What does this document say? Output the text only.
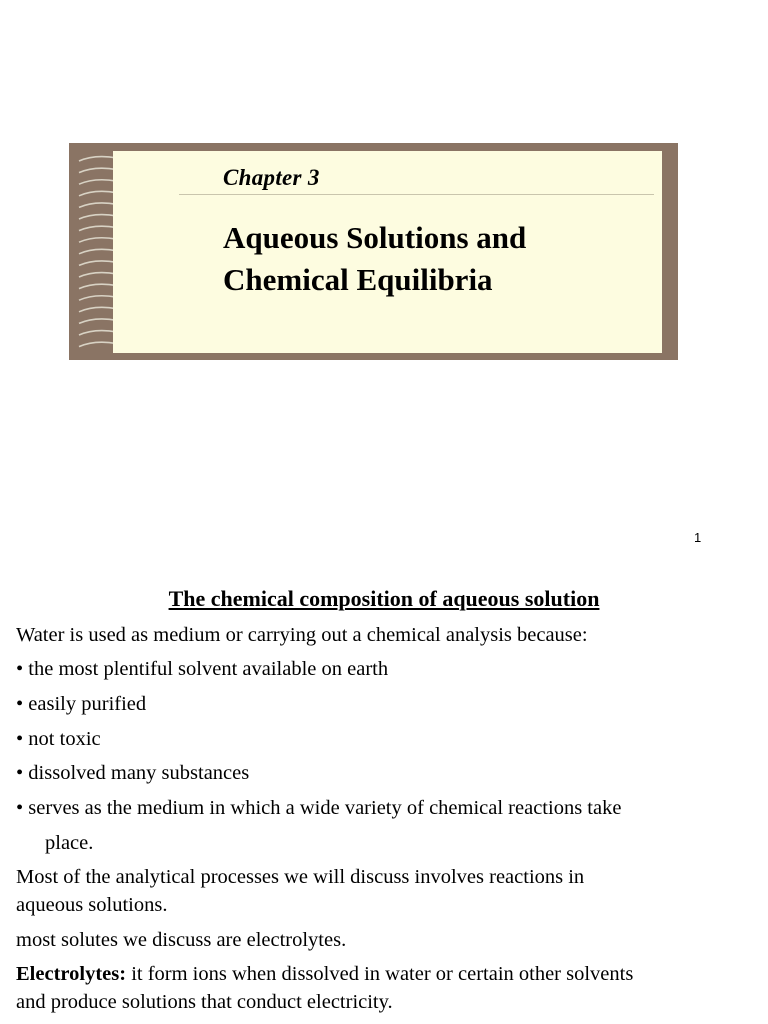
Chapter 3
Aqueous Solutions and
Chemical Equilibria
1
The chemical composition of aqueous solution
Water is used as medium or carrying out a chemical analysis because:
• the most plentiful solvent available on earth
• easily purified
• not toxic
• dissolved many substances
• serves as the medium in which a wide variety of chemical reactions take
place.
Most of the analytical processes we will discuss involves reactions in
aqueous solutions.
most solutes we discuss are electrolytes.
Electrolytes: it form ions when dissolved in water or certain other solvents
and produce solutions that conduct electricity.
